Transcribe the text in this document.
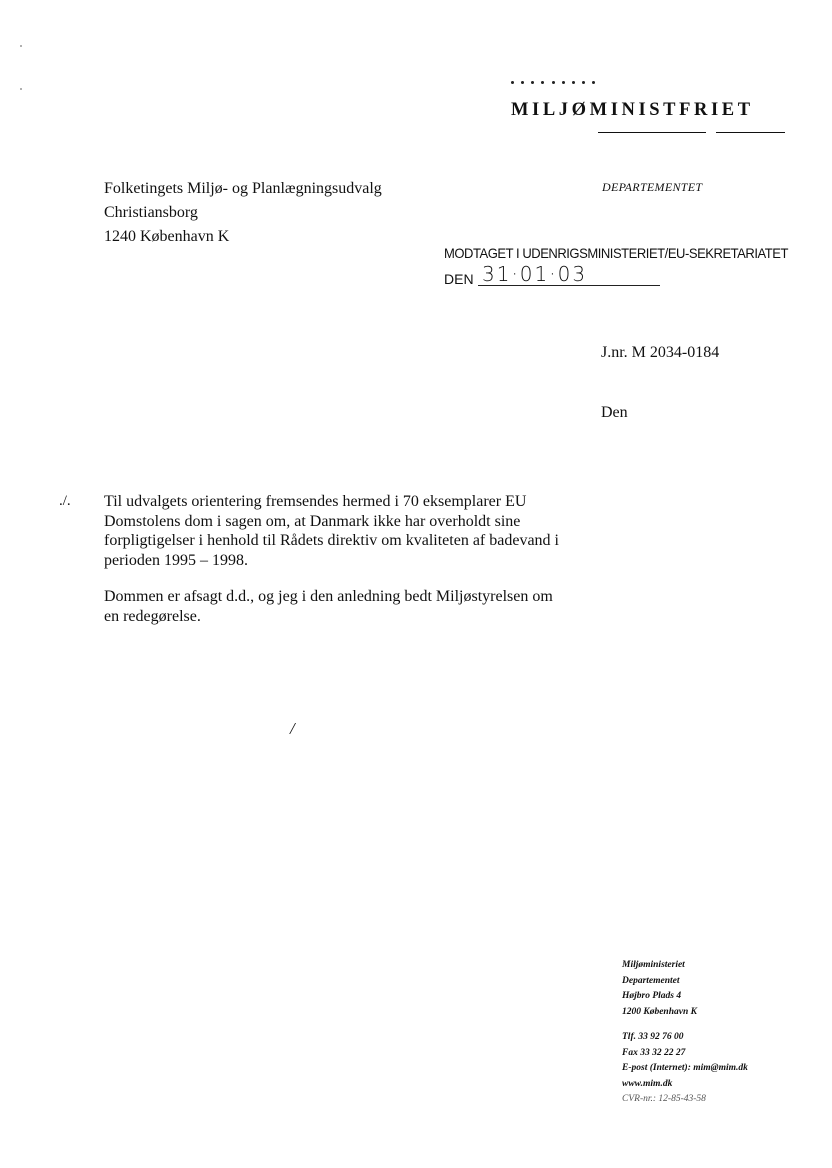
MILJØMINISTFRIET
DEPARTEMENTET
Folketingets Miljø- og Planlægningsudvalg
Christiansborg
1240 København K
MODTAGET I UDENRIGSMINISTERIET/EU-SEKRETARIATET
DEN 31·01·03
J.nr. M 2034-0184
Den
./. Til udvalgets orientering fremsendes hermed i 70 eksemplarer EU Domstolens dom i sagen om, at Danmark ikke har overholdt sine forpligtigelser i henhold til Rådets direktiv om kvaliteten af badevand i perioden 1995 – 1998.
Dommen er afsagt d.d., og jeg i den anledning bedt Miljøstyrelsen om en redegørelse.
/
Miljøministeriet
Departementet
Højbro Plads 4
1200 København K
Tlf. 33 92 76 00
Fax 33 32 22 27
E-post (Internet): mim@mim.dk
www.mim.dk
CVR-nr.: 12-85-43-58
